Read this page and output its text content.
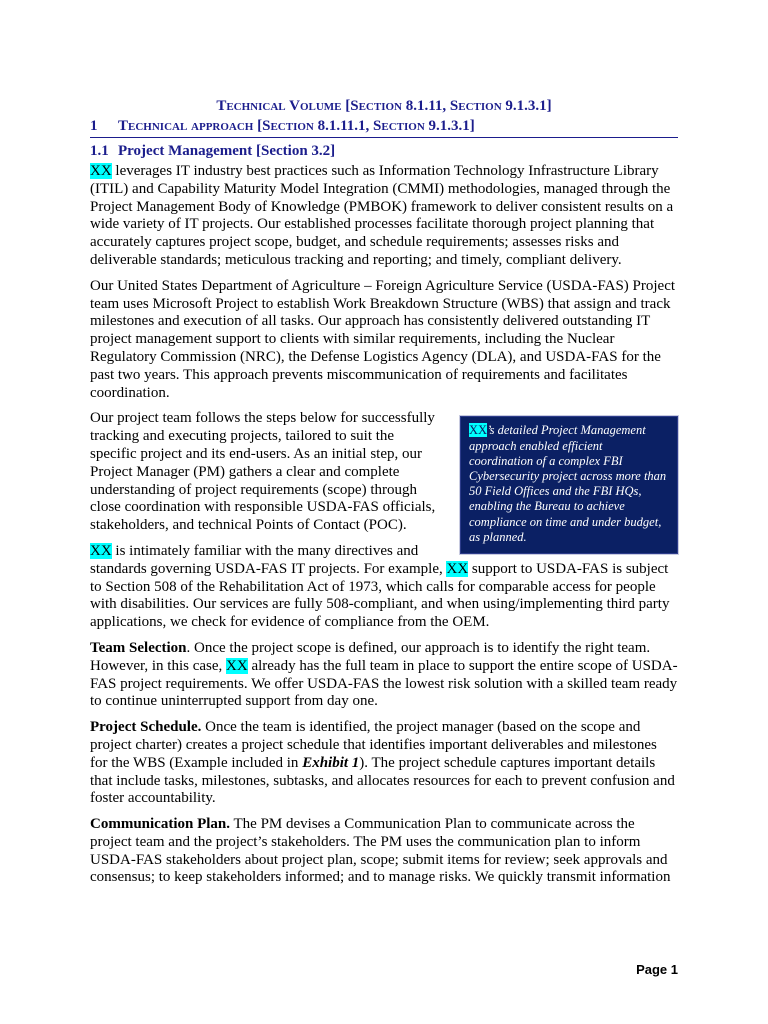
Technical Volume [Section 8.1.11, Section 9.1.3.1]
1 Technical approach [Section 8.1.11.1, Section 9.1.3.1]
1.1 Project Management [Section 3.2]

XX leverages IT industry best practices such as Information Technology Infrastructure Library (ITIL) and Capability Maturity Model Integration (CMMI) methodologies, managed through the Project Management Body of Knowledge (PMBOK) framework to deliver consistent results on a wide variety of IT projects. Our established processes facilitate thorough project planning that accurately captures project scope, budget, and schedule requirements; assesses risks and deliverable standards; meticulous tracking and reporting; and timely, compliant delivery.

Our United States Department of Agriculture – Foreign Agriculture Service (USDA-FAS) Project team uses Microsoft Project to establish Work Breakdown Structure (WBS) that assign and track milestones and execution of all tasks. Our approach has consistently delivered outstanding IT project management support to clients with similar requirements, including the Nuclear Regulatory Commission (NRC), the Defense Logistics Agency (DLA), and USDA-FAS for the past two years. This approach prevents miscommunication of requirements and facilitates coordination.

XX’s detailed Project Management approach enabled efficient coordination of a complex FBI Cybersecurity project across more than 50 Field Offices and the FBI HQs, enabling the Bureau to achieve compliance on time and under budget, as planned.

Our project team follows the steps below for successfully tracking and executing projects, tailored to suit the specific project and its end-users. As an initial step, our Project Manager (PM) gathers a clear and complete understanding of project requirements (scope) through close coordination with responsible USDA-FAS officials, stakeholders, and technical Points of Contact (POC).

XX is intimately familiar with the many directives and standards governing USDA-FAS IT projects. For example, XX support to USDA-FAS is subject to Section 508 of the Rehabilitation Act of 1973, which calls for comparable access for people with disabilities. Our services are fully 508-compliant, and when using/implementing third party applications, we check for evidence of compliance from the OEM.

Team Selection. Once the project scope is defined, our approach is to identify the right team. However, in this case, XX already has the full team in place to support the entire scope of USDA-FAS project requirements. We offer USDA-FAS the lowest risk solution with a skilled team ready to continue uninterrupted support from day one.

Project Schedule. Once the team is identified, the project manager (based on the scope and project charter) creates a project schedule that identifies important deliverables and milestones for the WBS (Example included in Exhibit 1). The project schedule captures important details that include tasks, milestones, subtasks, and allocates resources for each to prevent confusion and foster accountability.

Communication Plan. The PM devises a Communication Plan to communicate across the project team and the project’s stakeholders. The PM uses the communication plan to inform USDA-FAS stakeholders about project plan, scope; submit items for review; seek approvals and consensus; to keep stakeholders informed; and to manage risks. We quickly transmit information

Page 1
